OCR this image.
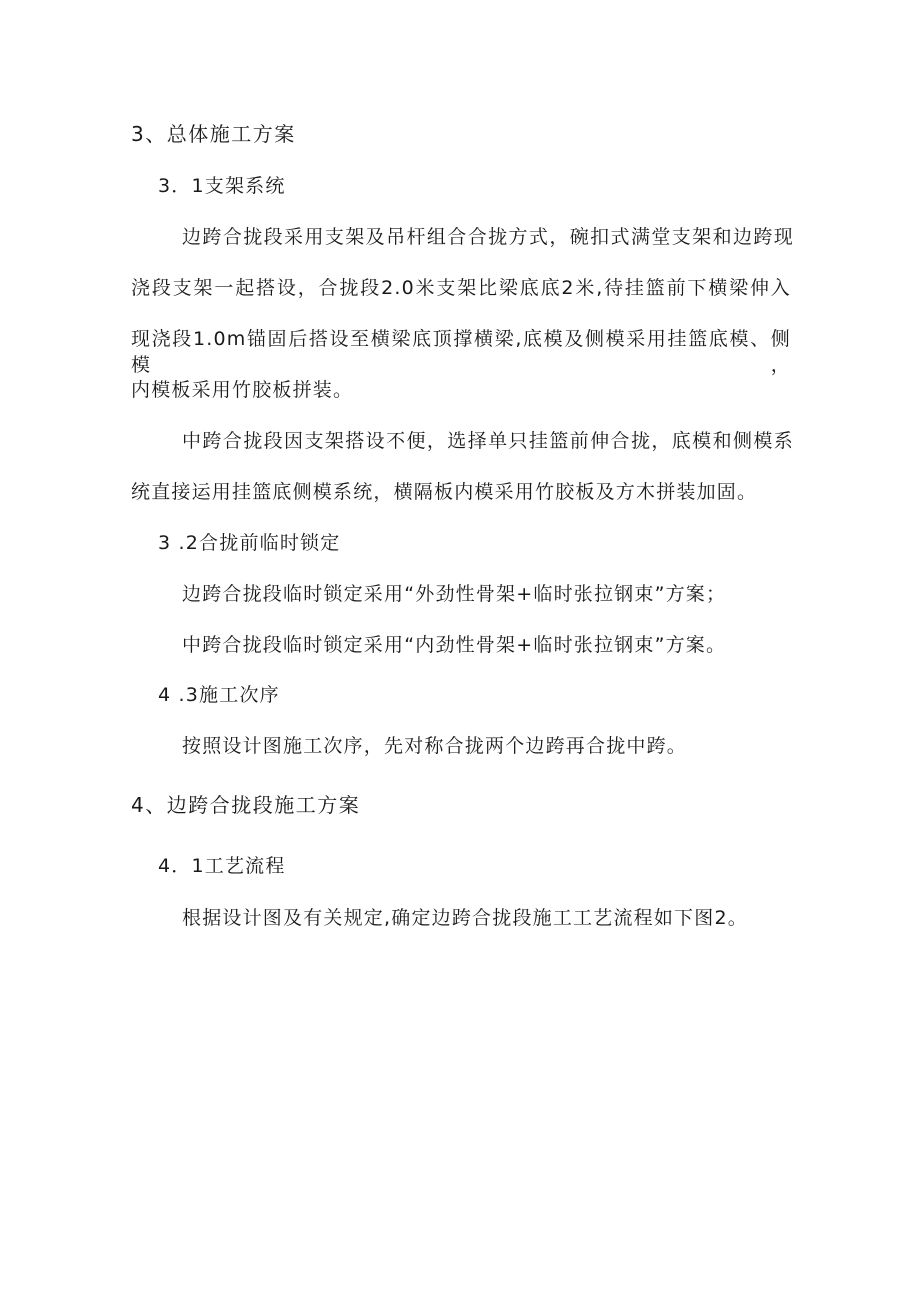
3、总体施工方案
3．1支架系统
边跨合拢段采用支架及吊杆组合合拢方式，碗扣式满堂支架和边跨现
浇段支架一起搭设，合拢段2.0米支架比梁底底2米,待挂篮前下横梁伸入
现浇段1.0m锚固后搭设至横梁底顶撑横梁,底模及侧模采用挂篮底模、侧模，
内模板采用竹胶板拼装。
中跨合拢段因支架搭设不便，选择单只挂篮前伸合拢，底模和侧模系
统直接运用挂篮底侧模系统，横隔板内模采用竹胶板及方木拼装加固。
3 .2合拢前临时锁定
边跨合拢段临时锁定采用“外劲性骨架+临时张拉钢束”方案；
中跨合拢段临时锁定采用“内劲性骨架+临时张拉钢束”方案。
4 .3施工次序
按照设计图施工次序，先对称合拢两个边跨再合拢中跨。
4、边跨合拢段施工方案
4．1工艺流程
根据设计图及有关规定,确定边跨合拢段施工工艺流程如下图2。
